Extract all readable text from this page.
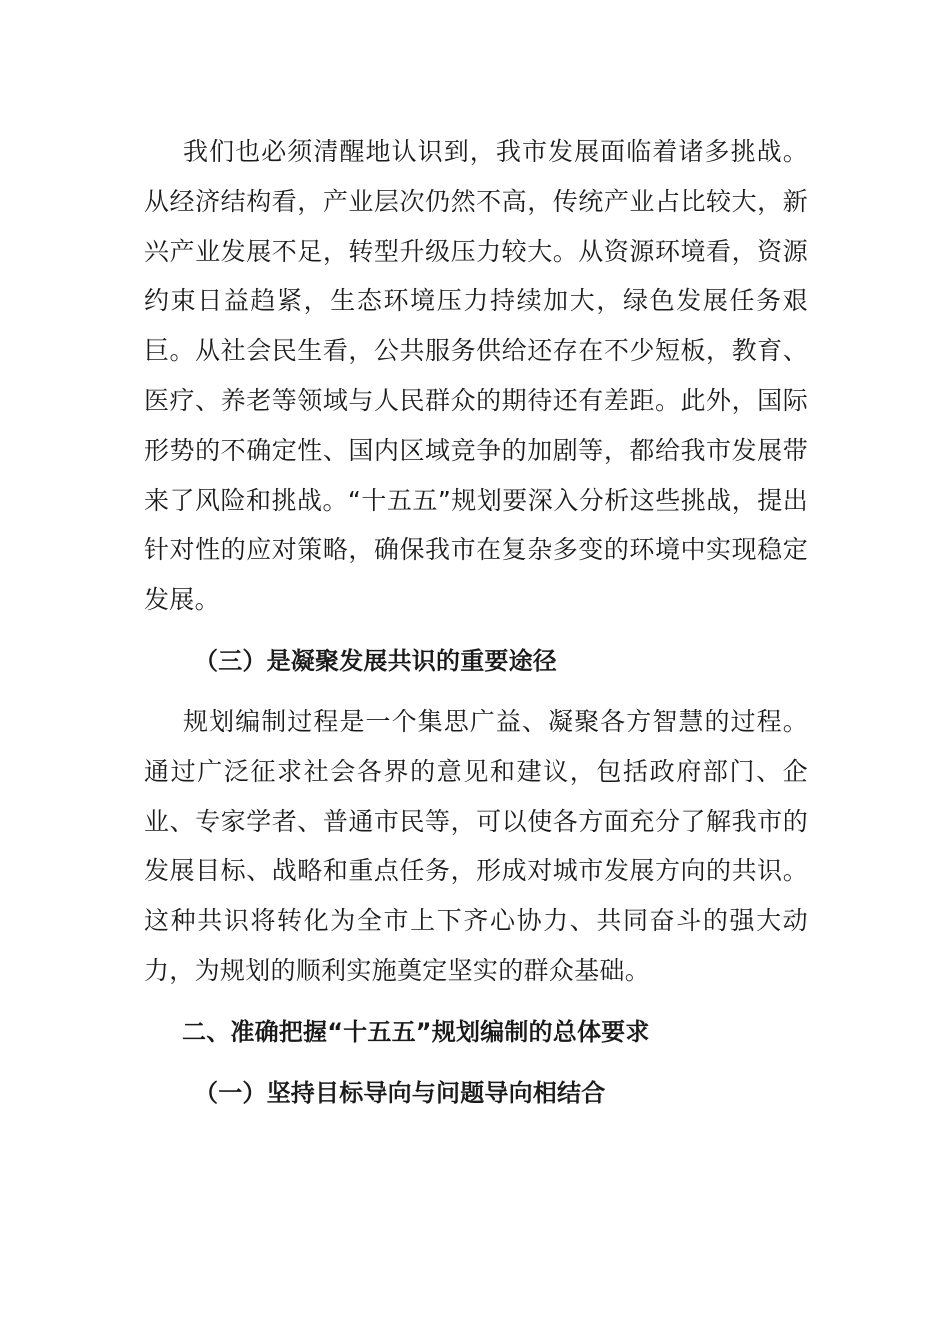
我们也必须清醒地认识到，我市发展面临着诸多挑战。从经济结构看，产业层次仍然不高，传统产业占比较大，新兴产业发展不足，转型升级压力较大。从资源环境看，资源约束日益趋紧，生态环境压力持续加大，绿色发展任务艰巨。从社会民生看，公共服务供给还存在不少短板，教育、医疗、养老等领域与人民群众的期待还有差距。此外，国际形势的不确定性、国内区域竞争的加剧等，都给我市发展带来了风险和挑战。“十五五”规划要深入分析这些挑战，提出针对性的应对策略，确保我市在复杂多变的环境中实现稳定发展。

（三）是凝聚发展共识的重要途径

规划编制过程是一个集思广益、凝聚各方智慧的过程。通过广泛征求社会各界的意见和建议，包括政府部门、企业、专家学者、普通市民等，可以使各方面充分了解我市的发展目标、战略和重点任务，形成对城市发展方向的共识。这种共识将转化为全市上下齐心协力、共同奋斗的强大动力，为规划的顺利实施奠定坚实的群众基础。

二、准确把握“十五五”规划编制的总体要求

（一）坚持目标导向与问题导向相结合
